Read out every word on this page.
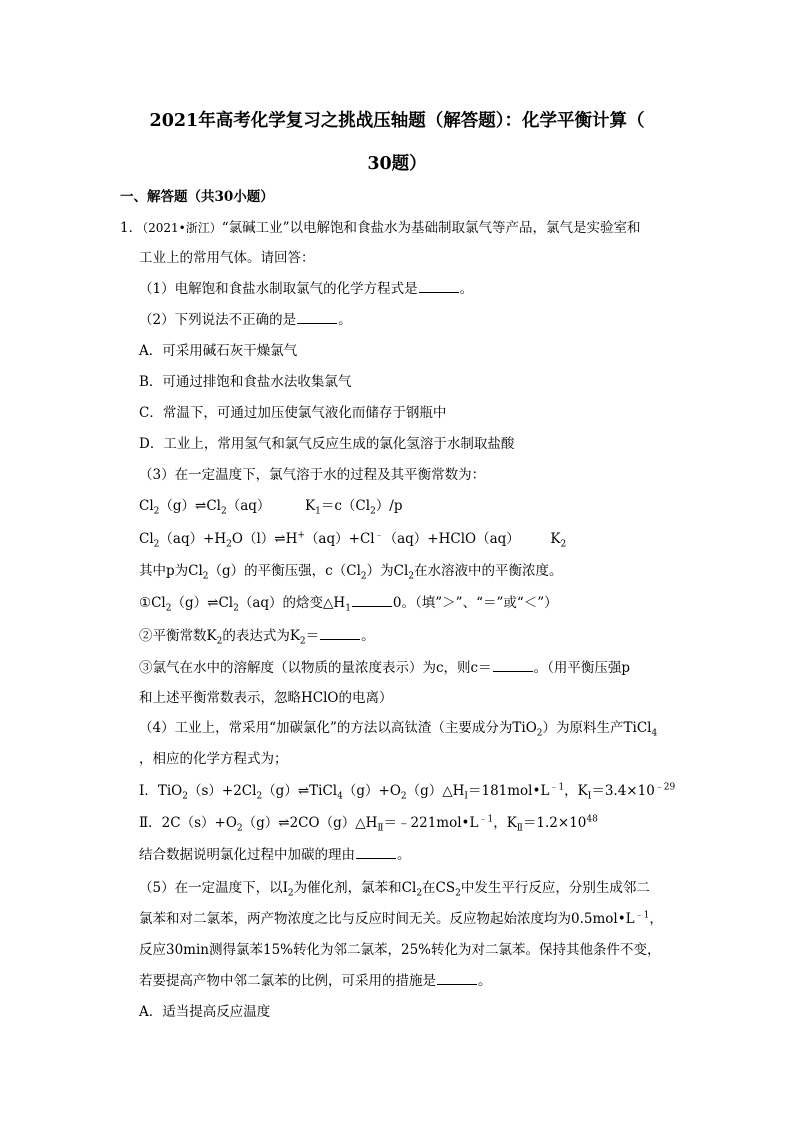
2021年高考化学复习之挑战压轴题（解答题）：化学平衡计算（
30题）
一、解答题（共30小题）
1．（2021•浙江）“氯碱工业”以电解饱和食盐水为基础制取氯气等产品，氯气是实验室和
工业上的常用气体。请回答：
（1）电解饱和食盐水制取氯气的化学方程式是	。
（2）下列说法不正确的是	。
A．可采用碱石灰干燥氯气
B．可通过排饱和食盐水法收集氯气
C．常温下，可通过加压使氯气液化而储存于钢瓶中
D．工业上，常用氢气和氯气反应生成的氯化氢溶于水制取盐酸
（3）在一定温度下，氯气溶于水的过程及其平衡常数为：
$Cl_2(g)\rightleftharpoons Cl_2(aq)$	$K_1=c(Cl_2)/p$
$Cl_2(aq)+H_2O(l)\rightleftharpoons H^+(aq)+Cl^﹣(aq)+HClO(aq)$ $K_2$
其中p为$Cl_2(g)$的平衡压强，$c(Cl_2)$为$Cl_2$在水溶液中的平衡浓度。
$①Cl_2(g)\rightleftharpoons Cl_2(aq)$的焓变$\triangle H_1$	0。（填”＞”、“＝”或“＜”）
②平衡常数$K_2$的表达式为$K_2=$	。
③氯气在水中的溶解度（以物质的量浓度表示）为c，则c＝	。（用平衡压强p
和上述平衡常数表示，忽略HClO的电离）
（4）工业上，常采用“加碳氯化”的方法以高钛渣（主要成分为TiO$_2$）为原料生产TiCl$_4$
，相应的化学方程式为；
Ⅰ．$TiO_2(s)+2Cl_2(g)\rightleftharpoons TiCl_4(g)+O_2(g)\triangle H_Ⅰ=181mol•L^{﹣1}$，$K_Ⅰ=3.4\times 10^{﹣29}$
Ⅱ．$2C(s)+O_2(g)\rightleftharpoons 2CO(g)\triangle H_Ⅱ=﹣221mol•L^{﹣1}$，$K_Ⅱ=1.2\times 10^{48}$
结合数据说明氯化过程中加碳的理由	。
（5）在一定温度下，以$I_2$为催化剂，氯苯和$Cl_2$在$CS_2$中发生平行反应，分别生成邻二
氯苯和对二氯苯，两产物浓度之比与反应时间无关。反应物起始浓度均为$0.5mol•L^{﹣1}$，
反应30min测得氯苯15%转化为邻二氯苯，25%转化为对二氯苯。保持其他条件不变，
若要提高产物中邻二氯苯的比例，可采用的措施是	。
A．适当提高反应温度
